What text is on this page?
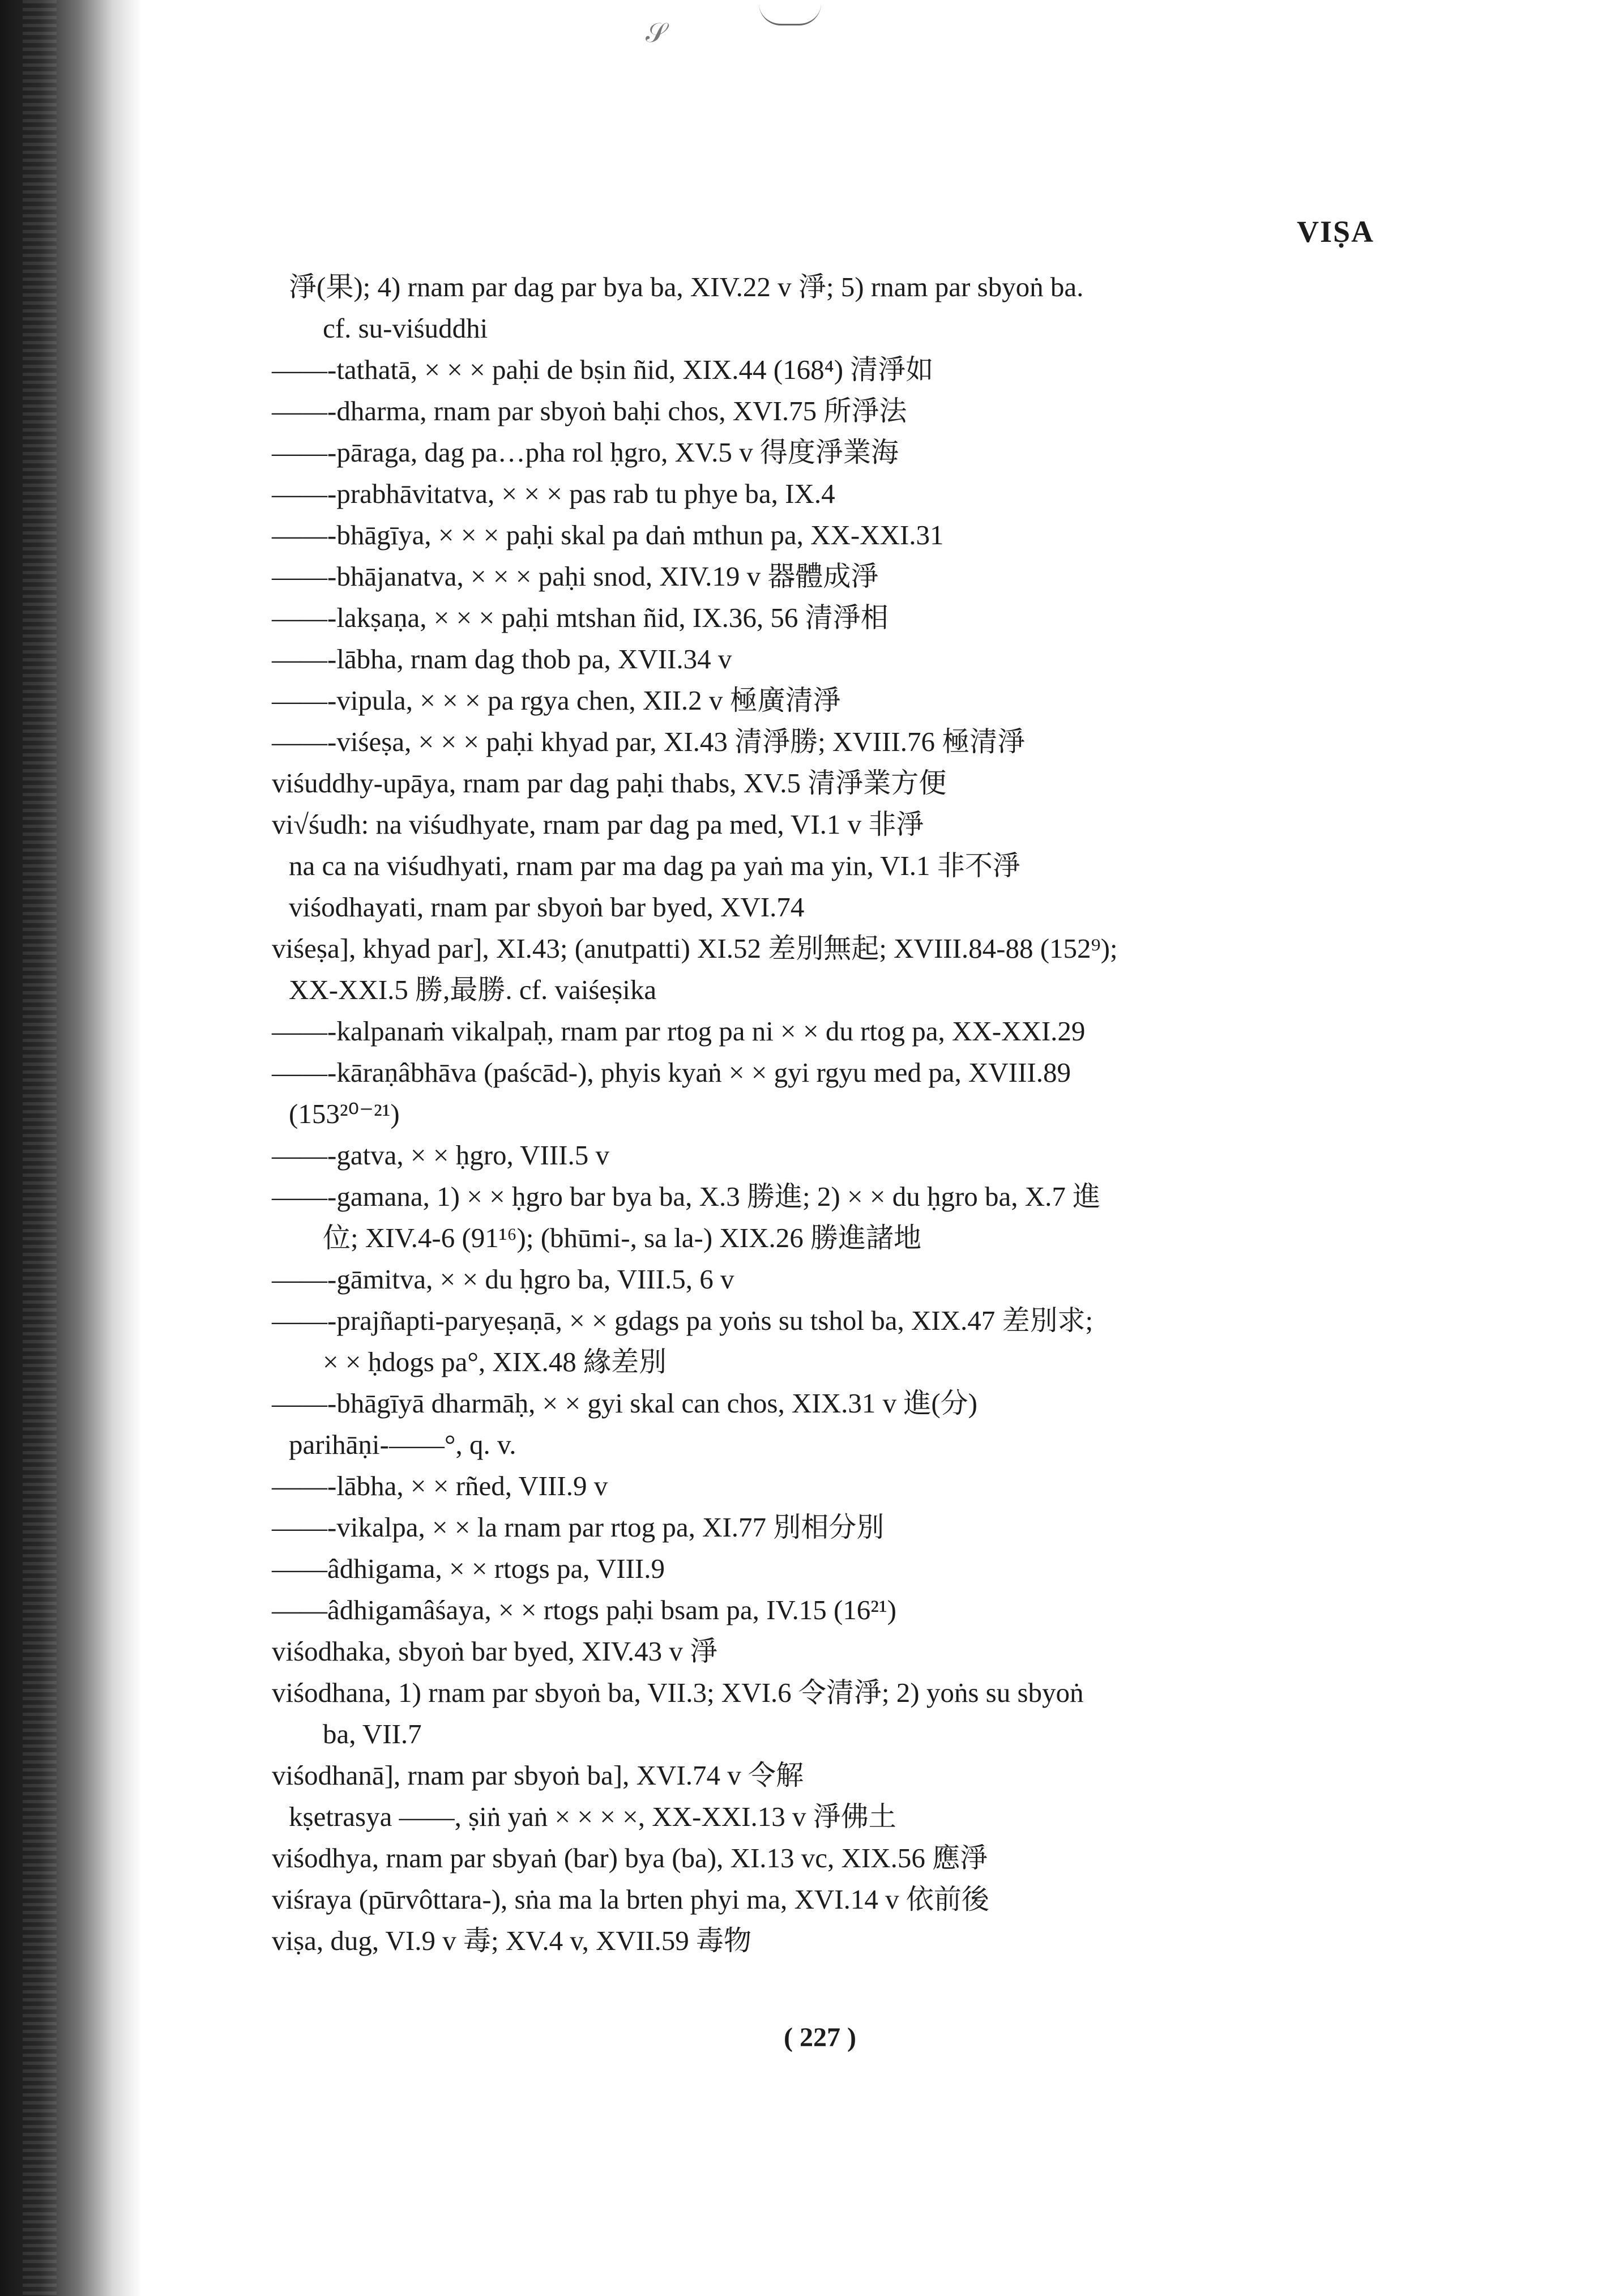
𝒮
VIṢA
淨(果); 4) rnam par dag par bya ba, XIV.22 v 淨; 5) rnam par sbyoṅ ba.
cf. su-viśuddhi
——-tathatā, × × × paḥi de bṣin ñid, XIX.44 (168⁴) 清淨如
——-dharma, rnam par sbyoṅ baḥi chos, XVI.75 所淨法
——-pāraga, dag pa…pha rol ḥgro, XV.5 v 得度淨業海
——-prabhāvitatva, × × × pas rab tu phye ba, IX.4
——-bhāgīya, × × × paḥi skal pa daṅ mthun pa, XX-XXI.31
——-bhājanatva, × × × paḥi snod, XIV.19 v 器體成淨
——-lakṣaṇa, × × × paḥi mtshan ñid, IX.36, 56 清淨相
——-lābha, rnam dag thob pa, XVII.34 v
——-vipula, × × × pa rgya chen, XII.2 v 極廣清淨
——-viśeṣa, × × × paḥi khyad par, XI.43 清淨勝; XVIII.76 極清淨
viśuddhy-upāya, rnam par dag paḥi thabs, XV.5 清淨業方便
vi√śudh: na viśudhyate, rnam par dag pa med, VI.1 v 非淨
na ca na viśudhyati, rnam par ma dag pa yaṅ ma yin, VI.1 非不淨
viśodhayati, rnam par sbyoṅ bar byed, XVI.74
viśeṣa], khyad par], XI.43; (anutpatti) XI.52 差別無起; XVIII.84-88 (152⁹);
XX-XXI.5 勝,最勝. cf. vaiśeṣika
——-kalpanaṁ vikalpaḥ, rnam par rtog pa ni × × du rtog pa, XX-XXI.29
——-kāraṇâbhāva (paścād-), phyis kyaṅ × × gyi rgyu med pa, XVIII.89
(153²⁰⁻²¹)
——-gatva, × × ḥgro, VIII.5 v
——-gamana, 1) × × ḥgro bar bya ba, X.3 勝進; 2) × × du ḥgro ba, X.7 進
位; XIV.4-6 (91¹⁶); (bhūmi-, sa la-) XIX.26 勝進諸地
——-gāmitva, × × du ḥgro ba, VIII.5, 6 v
——-prajñapti-paryeṣaṇā, × × gdags pa yoṅs su tshol ba, XIX.47 差別求;
× × ḥdogs pa°, XIX.48 緣差別
——-bhāgīyā dharmāḥ, × × gyi skal can chos, XIX.31 v 進(分)
parihāṇi-——°, q. v.
——-lābha, × × rñed, VIII.9 v
——-vikalpa, × × la rnam par rtog pa, XI.77 別相分別
——âdhigama, × × rtogs pa, VIII.9
——âdhigamâśaya, × × rtogs paḥi bsam pa, IV.15 (16²¹)
viśodhaka, sbyoṅ bar byed, XIV.43 v 淨
viśodhana, 1) rnam par sbyoṅ ba, VII.3; XVI.6 令清淨; 2) yoṅs su sbyoṅ
ba, VII.7
viśodhanā], rnam par sbyoṅ ba], XVI.74 v 令解
kṣetrasya ——, ṣiṅ yaṅ × × × ×, XX-XXI.13 v 淨佛土
viśodhya, rnam par sbyaṅ (bar) bya (ba), XI.13 vc, XIX.56 應淨
viśraya (pūrvôttara-), sṅa ma la brten phyi ma, XVI.14 v 依前後
viṣa, dug, VI.9 v 毒; XV.4 v, XVII.59 毒物
( 227 )
